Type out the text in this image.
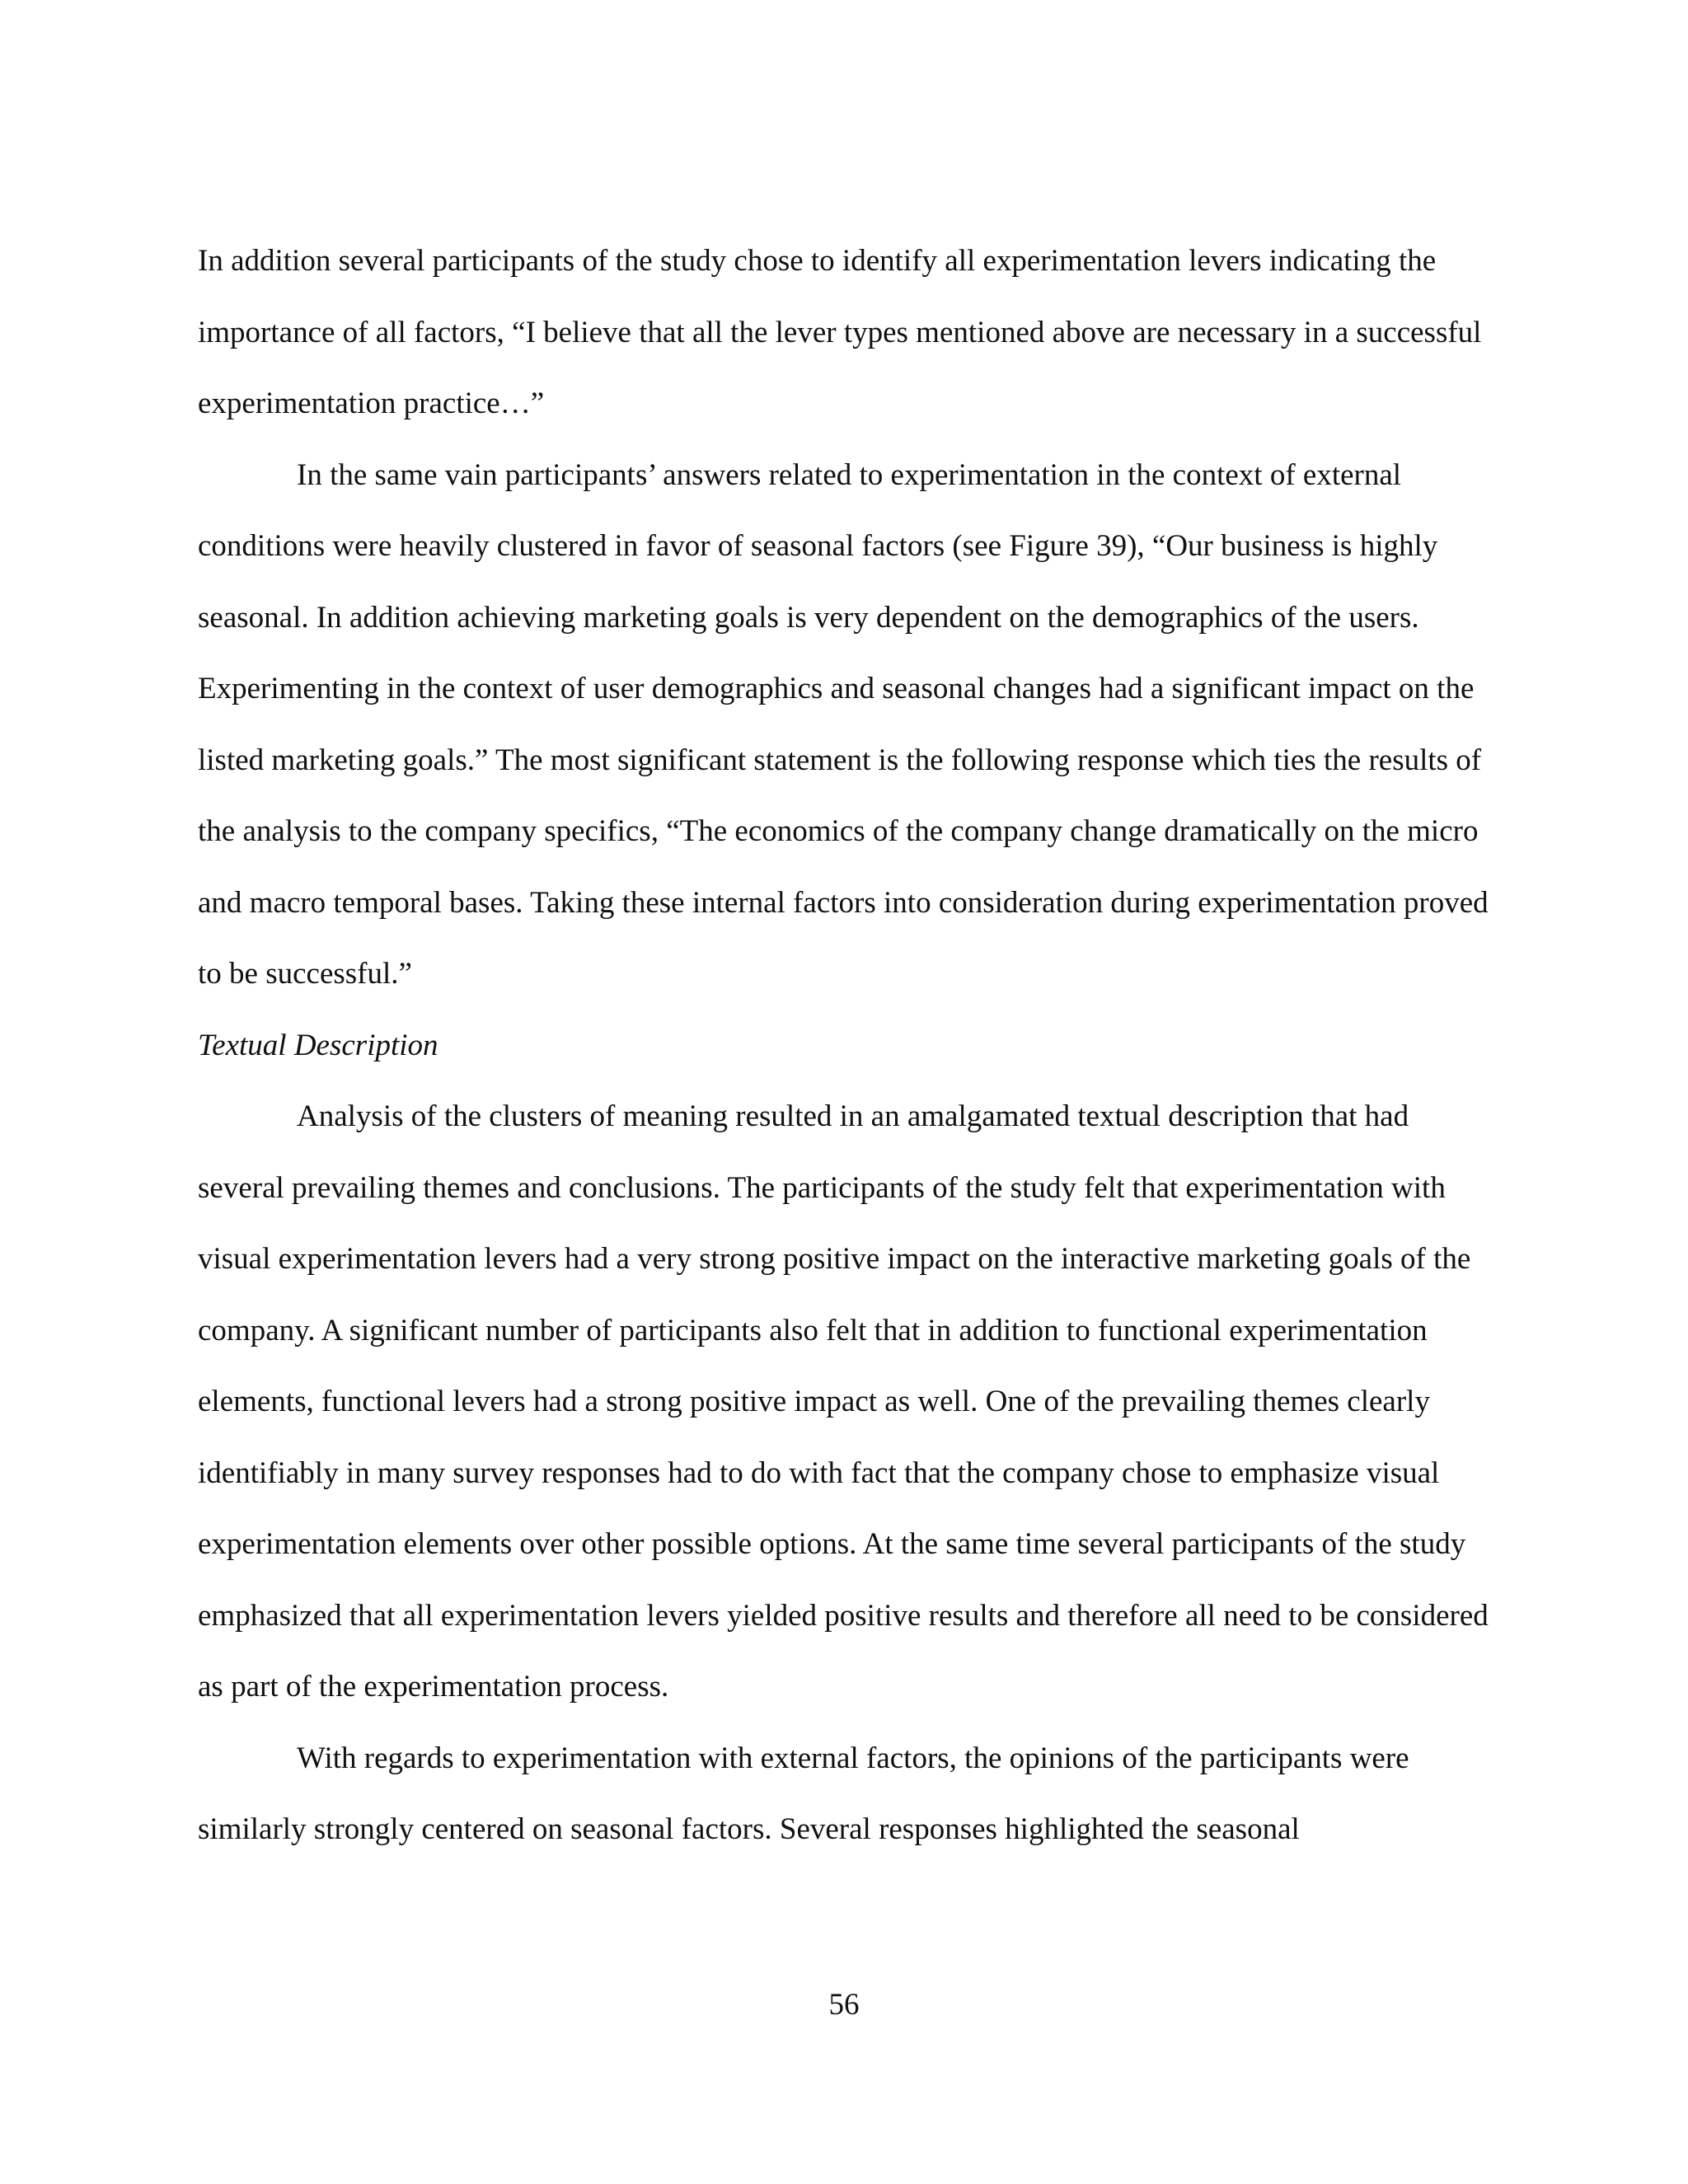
In addition several participants of the study chose to identify all experimentation levers indicating the importance of all factors, “I believe that all the lever types mentioned above are necessary in a successful experimentation practice…”

In the same vain participants’ answers related to experimentation in the context of external conditions were heavily clustered in favor of seasonal factors (see Figure 39), “Our business is highly seasonal. In addition achieving marketing goals is very dependent on the demographics of the users. Experimenting in the context of user demographics and seasonal changes had a significant impact on the listed marketing goals.” The most significant statement is the following response which ties the results of the analysis to the company specifics, “The economics of the company change dramatically on the micro and macro temporal bases. Taking these internal factors into consideration during experimentation proved to be successful.”

Textual Description

Analysis of the clusters of meaning resulted in an amalgamated textual description that had several prevailing themes and conclusions. The participants of the study felt that experimentation with visual experimentation levers had a very strong positive impact on the interactive marketing goals of the company. A significant number of participants also felt that in addition to functional experimentation elements, functional levers had a strong positive impact as well. One of the prevailing themes clearly identifiably in many survey responses had to do with fact that the company chose to emphasize visual experimentation elements over other possible options. At the same time several participants of the study emphasized that all experimentation levers yielded positive results and therefore all need to be considered as part of the experimentation process.

With regards to experimentation with external factors, the opinions of the participants were similarly strongly centered on seasonal factors. Several responses highlighted the seasonal

56
